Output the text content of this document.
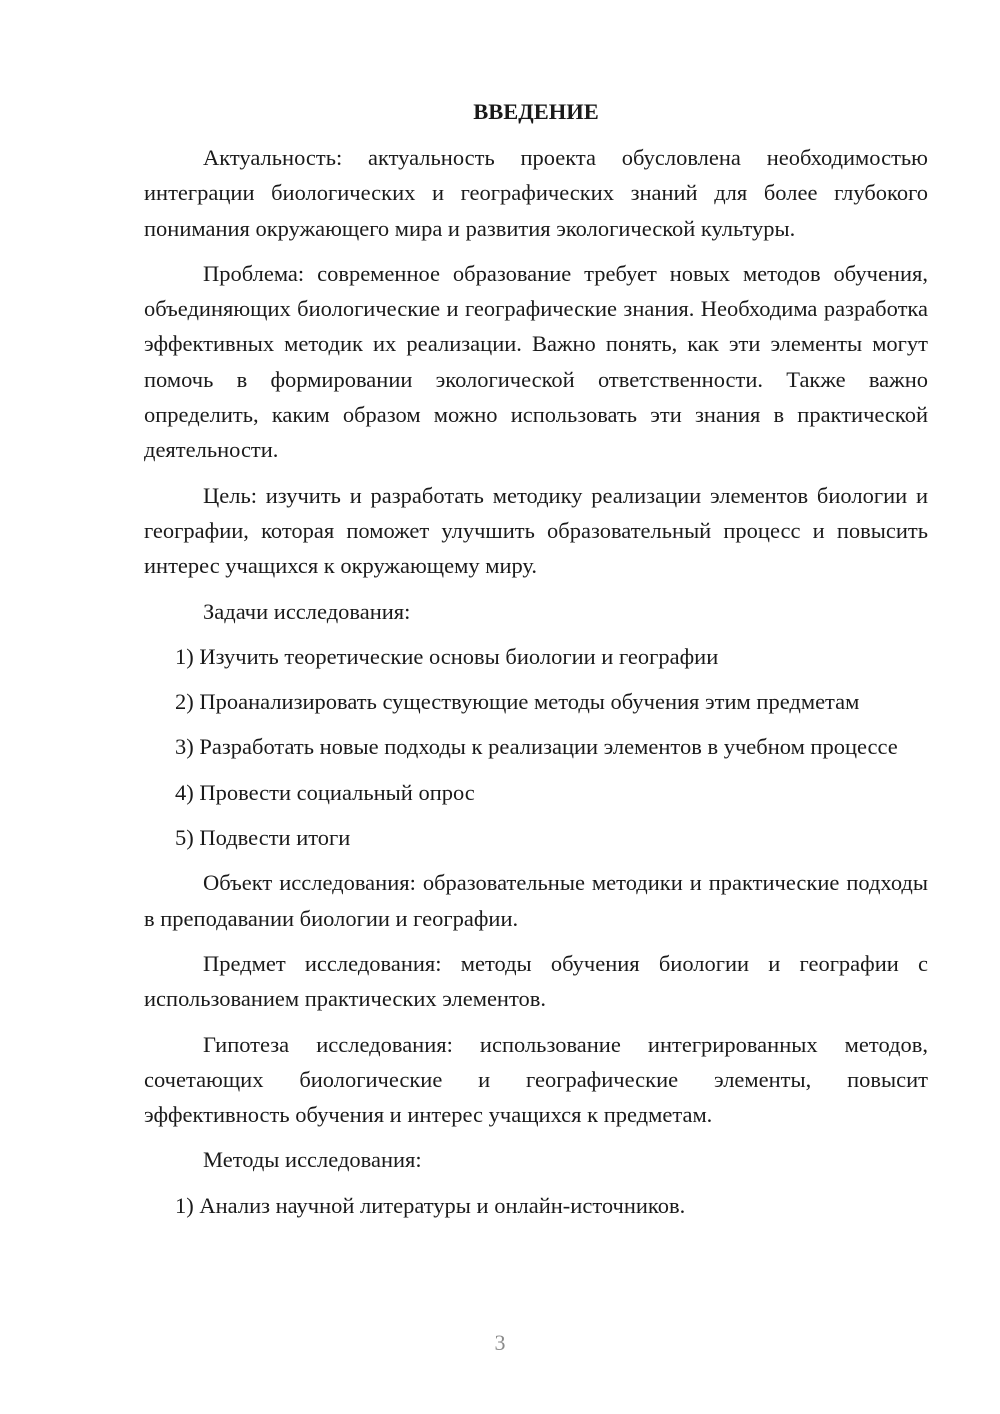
ВВЕДЕНИЕ

Актуальность: актуальность проекта обусловлена необходимостью интеграции биологических и географических знаний для более глубокого понимания окружающего мира и развития экологической культуры.

Проблема: современное образование требует новых методов обучения, объединяющих биологические и географические знания. Необходима разработка эффективных методик их реализации. Важно понять, как эти элементы могут помочь в формировании экологической ответственности. Также важно определить, каким образом можно использовать эти знания в практической деятельности.

Цель: изучить и разработать методику реализации элементов биологии и географии, которая поможет улучшить образовательный процесс и повысить интерес учащихся к окружающему миру.

Задачи исследования:

1) Изучить теоретические основы биологии и географии

2) Проанализировать существующие методы обучения этим предметам

3) Разработать новые подходы к реализации элементов в учебном процессе

4) Провести социальный опрос

5) Подвести итоги

Объект исследования: образовательные методики и практические подходы в преподавании биологии и географии.

Предмет исследования: методы обучения биологии и географии с использованием практических элементов.

Гипотеза исследования: использование интегрированных методов, сочетающих биологические и географические элементы, повысит эффективность обучения и интерес учащихся к предметам.

Методы исследования:

1) Анализ научной литературы и онлайн-источников.

3
